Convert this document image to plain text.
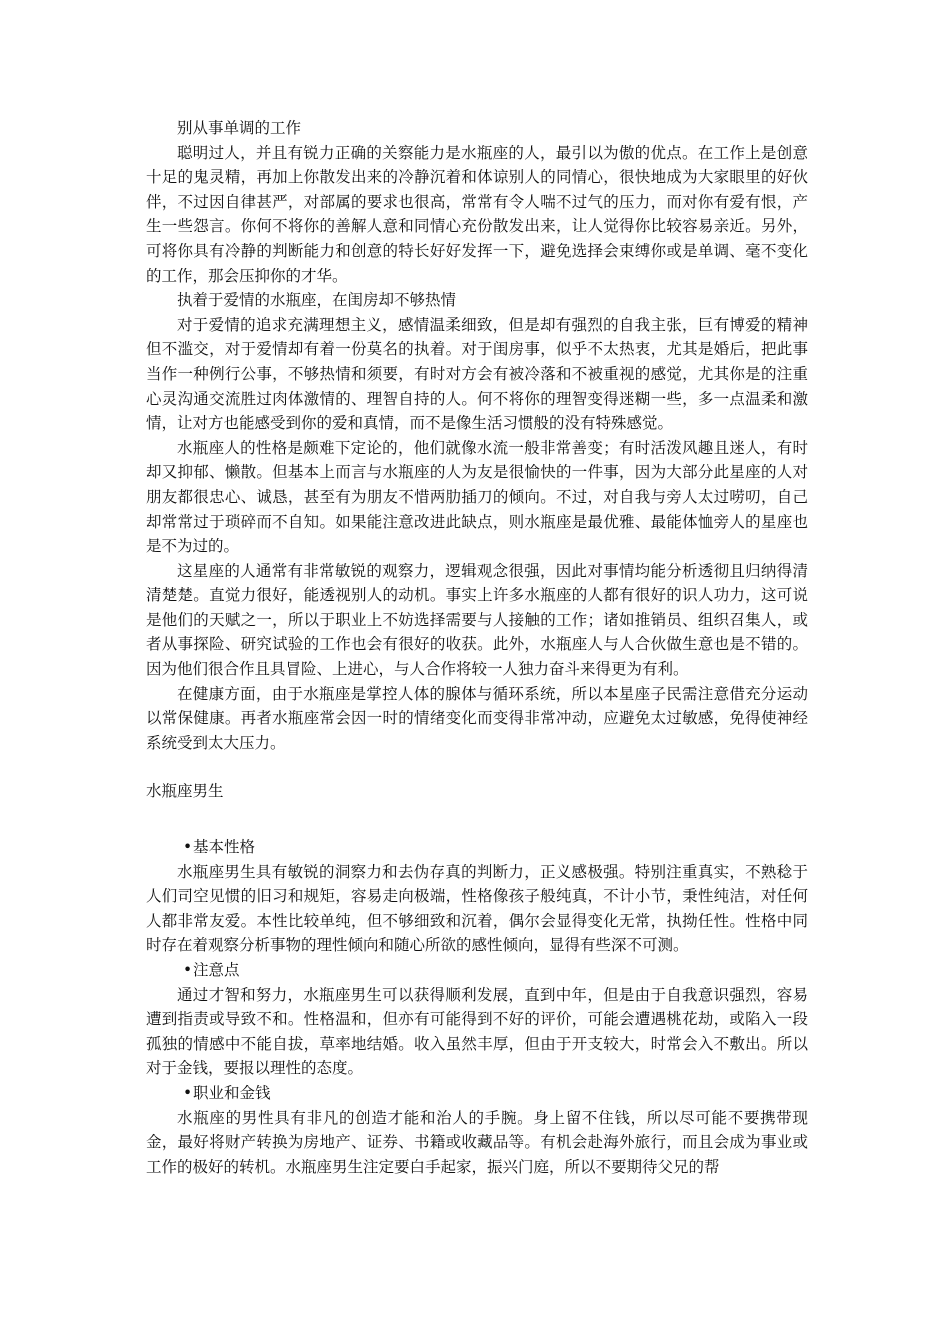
别从事单调的工作

聪明过人，并且有锐力正确的关察能力是水瓶座的人，最引以为傲的优点。在工作上是创意十足的鬼灵精，再加上你散发出来的冷静沉着和体谅别人的同情心，很快地成为大家眼里的好伙伴，不过因自律甚严，对部属的要求也很高，常常有令人喘不过气的压力，而对你有爱有恨，产生一些怨言。你何不将你的善解人意和同情心充份散发出来，让人觉得你比较容易亲近。另外，可将你具有冷静的判断能力和创意的特长好好发挥一下，避免选择会束缚你或是单调、毫不变化的工作，那会压抑你的才华。

执着于爱情的水瓶座，在闺房却不够热情

对于爱情的追求充满理想主义，感情温柔细致，但是却有强烈的自我主张，巨有博爱的精神但不滥交，对于爱情却有着一份莫名的执着。对于闺房事，似乎不太热衷，尤其是婚后，把此事当作一种例行公事，不够热情和须要，有时对方会有被冷落和不被重视的感觉，尤其你是的注重心灵沟通交流胜过肉体激情的、理智自持的人。何不将你的理智变得迷糊一些，多一点温柔和激情，让对方也能感受到你的爱和真情，而不是像生活习惯般的没有特殊感觉。

水瓶座人的性格是颇难下定论的，他们就像水流一般非常善变；有时活泼风趣且迷人，有时却又抑郁、懒散。但基本上而言与水瓶座的人为友是很愉快的一件事，因为大部分此星座的人对朋友都很忠心、诚恳，甚至有为朋友不惜两肋插刀的倾向。不过，对自我与旁人太过唠叨，自己却常常过于琐碎而不自知。如果能注意改进此缺点，则水瓶座是最优雅、最能体恤旁人的星座也是不为过的。

这星座的人通常有非常敏锐的观察力，逻辑观念很强，因此对事情均能分析透彻且归纳得清清楚楚。直觉力很好，能透视别人的动机。事实上许多水瓶座的人都有很好的识人功力，这可说是他们的天赋之一，所以于职业上不妨选择需要与人接触的工作；诸如推销员、组织召集人，或者从事探险、研究试验的工作也会有很好的收获。此外，水瓶座人与人合伙做生意也是不错的。因为他们很合作且具冒险、上进心，与人合作将较一人独力奋斗来得更为有利。

在健康方面，由于水瓶座是掌控人体的腺体与循环系统，所以本星座子民需注意借充分运动以常保健康。再者水瓶座常会因一时的情绪变化而变得非常冲动，应避免太过敏感，免得使神经系统受到太大压力。

水瓶座男生

•基本性格

水瓶座男生具有敏锐的洞察力和去伪存真的判断力，正义感极强。特别注重真实，不熟稔于人们司空见惯的旧习和规矩，容易走向极端，性格像孩子般纯真，不计小节，秉性纯洁，对任何人都非常友爱。本性比较单纯，但不够细致和沉着，偶尔会显得变化无常，执拗任性。性格中同时存在着观察分析事物的理性倾向和随心所欲的感性倾向，显得有些深不可测。

•注意点

通过才智和努力，水瓶座男生可以获得顺利发展，直到中年，但是由于自我意识强烈，容易遭到指责或导致不和。性格温和，但亦有可能得到不好的评价，可能会遭遇桃花劫，或陷入一段孤独的情感中不能自拔，草率地结婚。收入虽然丰厚，但由于开支较大，时常会入不敷出。所以对于金钱，要报以理性的态度。

•职业和金钱

水瓶座的男性具有非凡的创造才能和治人的手腕。身上留不住钱，所以尽可能不要携带现金，最好将财产转换为房地产、证券、书籍或收藏品等。有机会赴海外旅行，而且会成为事业或工作的极好的转机。水瓶座男生注定要白手起家，振兴门庭，所以不要期待父兄的帮
